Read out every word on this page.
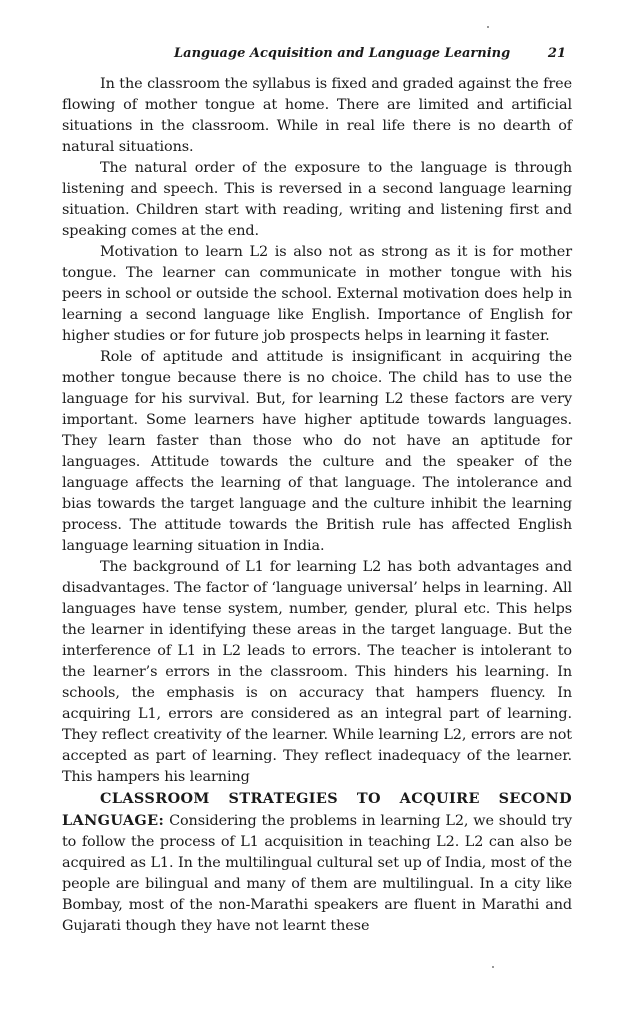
Language Acquisition and Language Learning	21

In the classroom the syllabus is fixed and graded against the free flowing of mother tongue at home. There are limited and artificial situations in the classroom. While in real life there is no dearth of natural situations.

The natural order of the exposure to the language is through listening and speech. This is reversed in a second language learning situation. Children start with reading, writing and listening first and speaking comes at the end.

Motivation to learn L2 is also not as strong as it is for mother tongue. The learner can communicate in mother tongue with his peers in school or outside the school. External motivation does help in learning a second language like English. Importance of English for higher studies or for future job prospects helps in learning it faster.

Role of aptitude and attitude is insignificant in acquiring the mother tongue because there is no choice. The child has to use the language for his survival. But, for learning L2 these factors are very important. Some learners have higher aptitude towards languages. They learn faster than those who do not have an aptitude for languages. Attitude towards the culture and the speaker of the language affects the learning of that language. The intolerance and bias towards the target language and the culture inhibit the learning process. The attitude towards the British rule has affected English language learning situation in India.

The background of L1 for learning L2 has both advantages and disadvantages. The factor of ‘language universal’ helps in learning. All languages have tense system, number, gender, plural etc. This helps the learner in identifying these areas in the target language. But the interference of L1 in L2 leads to errors. The teacher is intolerant to the learner’s errors in the classroom. This hinders his learning. In schools, the emphasis is on accuracy that hampers fluency. In acquiring L1, errors are considered as an integral part of learning. They reflect creativity of the learner. While learning L2, errors are not accepted as part of learning. They reflect inadequacy of the learner. This hampers his learning

CLASSROOM STRATEGIES TO ACQUIRE SECOND LANGUAGE: Considering the problems in learning L2, we should try to follow the process of L1 acquisition in teaching L2. L2 can also be acquired as L1. In the multilingual cultural set up of India, most of the people are bilingual and many of them are multilingual. In a city like Bombay, most of the non-Marathi speakers are fluent in Marathi and Gujarati though they have not learnt these
